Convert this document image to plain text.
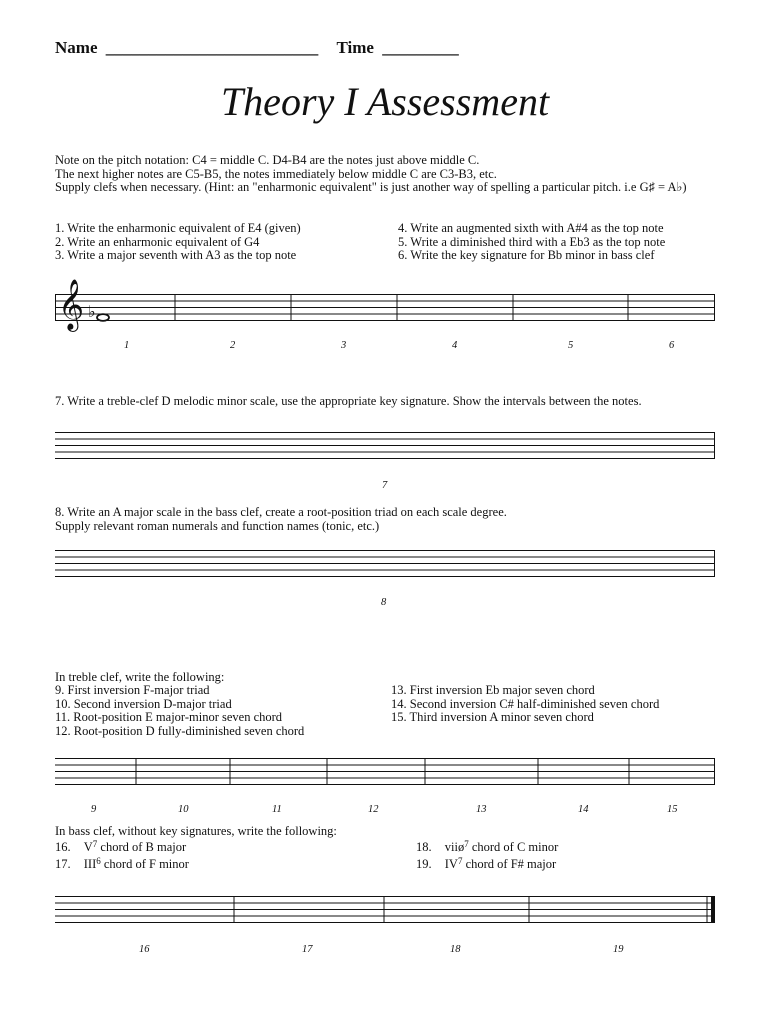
Name _________________________ Time _________
Theory I Assessment
Note on the pitch notation: C4 = middle C. D4-B4 are the notes just above middle C.
The next higher notes are C5-B5, the notes immediately below middle C are C3-B3, etc.
Supply clefs when necessary. (Hint: an "enharmonic equivalent" is just another way of spelling a particular pitch. i.e G♯ = A♭)
1. Write the enharmonic equivalent of E4 (given)
2. Write an enharmonic equivalent of G4
3. Write a major seventh with A3 as the top note
4. Write an augmented sixth with A#4 as the top note
5. Write a diminished third with a Eb3 as the top note
6. Write the key signature for Bb minor in bass clef
𝄞 ♭
1	2	3	4	5	6
7. Write a treble-clef D melodic minor scale, use the appropriate key signature. Show the intervals between the notes.
7
8. Write an A major scale in the bass clef, create a root-position triad on each scale degree.
Supply relevant roman numerals and function names (tonic, etc.)
8
In treble clef, write the following:
9. First inversion F-major triad
10. Second inversion D-major triad
11. Root-position E major-minor seven chord
12. Root-position D fully-diminished seven chord
13. First inversion Eb major seven chord
14. Second inversion C# half-diminished seven chord
15. Third inversion A minor seven chord
9	10	11	12	13	14	15
In bass clef, without key signatures, write the following:
16. $V^7$ chord of B major
17. III$^6$ chord of F minor
18. viiø$^7$ chord of C minor
19. $IV^7$ chord of F# major
16	17	18	19
